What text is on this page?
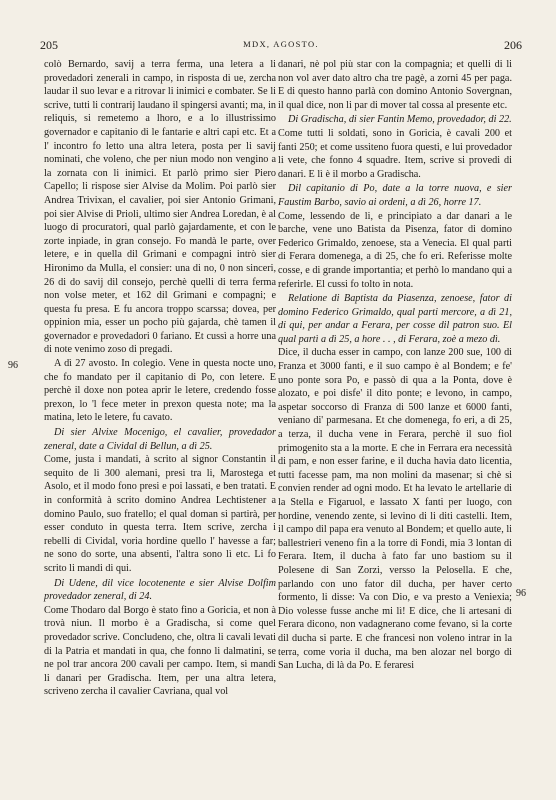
205	MDX, AGOSTO.	206
96
96

colò Bernardo, savij a terra ferma, una letera a li provedadori zenerali in campo, in risposta di ue, zercha laudar il suo levar e a ritrovar li inimici e combater. Se li scrive, tutti li contrarij laudano il spingersi avanti; ma, in reliquis, si remetemo a lhoro, e a lo illustrissimo governador e capitanio di le fantarie e altri capi etc. Et a l' incontro fo letto una altra letera, posta per li savij nominati, che voleno, che per niun modo non vengino a la zornata con li inimici. Et parlò primo sier Piero Capello; li rispose sier Alvise da Molim. Poi parlò sier Andrea Trivixan, el cavalier, poi sier Antonio Grimani, poi sier Alvise di Prioli, ultimo sier Andrea Loredan, è al luogo di procuratori, qual parlò gajardamente, et con le zorte inpiade, in gran consejo. Fo mandà le parte, over letere, e in quella dil Grimani e compagni intrò sier Hironimo da Mulla, el consier: una di no, 0 non sinceri, 26 di do savij dil consejo, perchè quelli di terra ferma non volse meter, et 162 dil Grimani e compagni; e questa fu presa. E fu ancora troppo scarssa; dovea, per oppinion mia, esser un pocho più gajarda, chè tamen il governador e provedadori 0 fariano. Et cussì a horre una di note venimo zoso di pregadi.

A dì 27 avosto. In colegio. Vene in questa nocte uno, che fo mandato per il capitanio di Po, con letere. E perchè il doxe non potea aprir le letere, credendo fosse prexon, lo 'l fece meter in prexon questa note; ma la matina, leto le letere, fu cavato.

Di sier Alvixe Mocenigo, el cavalier, provedador zeneral, date a Cividal di Bellun, a dì 25.

Come, justa i mandati, à scrito al signor Constantin il sequito de li 300 alemani, presi tra li, Marostega et Asolo, et il modo fono presi e poi lassati, e ben tratati. E in conformità à scrito domino Andrea Lechtistener a domino Paulo, suo fratello; el qual doman si partirà, per esser conduto in questa terra. Item scrive, zercha i rebelli di Cividal, voria hordine quello l' havesse a far; ne sono do sorte, una absenti, l'altra sono lì etc. Li fo scrito li mandi di qui.

Di Udene, dil vice locotenente e sier Alvise Dolfim provedador zeneral, di 24.

Come Thodaro dal Borgo è stato fino a Goricia, et non à trovà niun. Il morbo è a Gradischa, si come quel provedador scrive. Concludeno, che, oltra li cavali levati di la Patria et mandati in qua, che fonno li dalmatini, se ne pol trar ancora 200 cavali per campo. Item, si mandi li danari per Gradischa. Item, per una altra letera, scriveno zercha il cavalier Cavriana, qual vol

danari, nè pol più star con la compagnia; et quelli di li non vol aver dato altro cha tre pagè, a zorni 45 per paga. E di questo hanno parlà con domino Antonio Sovergnan, il qual dice, non li par di mover tal cossa al presente etc.

Di Gradischa, di sier Fantin Memo, provedador, di 22.

Come tutti li soldati, sono in Goricia, è cavali 200 et fanti 250; et come ussiteno fuora questi, e lui provedador li vete, che fonno 4 squadre. Item, scrive si provedi di danari. E lì è il morbo a Gradischa.

Dil capitanio di Po, date a la torre nuova, e sier Faustim Barbo, savio ai ordeni, a dì 26, horre 17.

Come, lessendo de li, e principiato a dar danari a le barche, vene uno Batista da Pisenza, fator di domino Federico Grimaldo, zenoese, sta a Venecia. El qual parti di Ferara domenega, a dì 25, che fo eri. Referisse molte cosse, e di grande importantia; et perhò lo mandano qui a referirle. El cussi fo tolto in nota.

Relatione di Baptista da Piasenza, zenoese, fator di domino Federico Grimaldo, qual parti mercore, a dì 21, di qui, per andar a Ferara, per cosse dil patron suo. El qual partì a dì 25, a hore . . , di Ferara, zoè a mezo dì.

Dice, il ducha esser in campo, con lanze 200 sue, 100 di Franza et 3000 fanti, e il suo campo è al Bondem; e fe' uno ponte sora Po, e passò di qua a la Ponta, dove è alozato, e poi disfe' il dito ponte; e levono, in campo, aspetar soccorso di Franza di 500 lanze et 6000 fanti, veniano di' parmesana. Et che domenega, fo eri, a dì 25, a terza, il ducha vene in Ferara, perchè il suo fiol primogenito sta a la morte. E che in Ferrara era necessità di pam, e non esser farine, e il ducha havia dato licentia, tutti facesse pam, ma non molini da masenar; si chè si convien render ad ogni modo. Et ha levato le artellarie di la Stella e Figaruol, e lassato X fanti per luogo, con hordine, venendo zente, si levino di li diti castelli. Item, il campo dil papa era venuto al Bondem; et quello aute, li ballestrieri veneno fin a la torre di Fondi, mia 3 lontan di Ferara. Item, il ducha à fato far uno bastiom su il Polesene di San Zorzi, versso la Pelosella. E che, parlando con uno fator dil ducha, per haver certo formento, li disse: Va con Dio, e va presto a Veniexia; Dio volesse fusse anche mi lì! E dice, che li artesani di Ferara dicono, non vadagnerano come fevano, si la corte dil ducha si parte. E che francesi non voleno intrar in la terra, come voria il ducha, ma ben alozar nel borgo di San Lucha, di là da Po. E feraresi
